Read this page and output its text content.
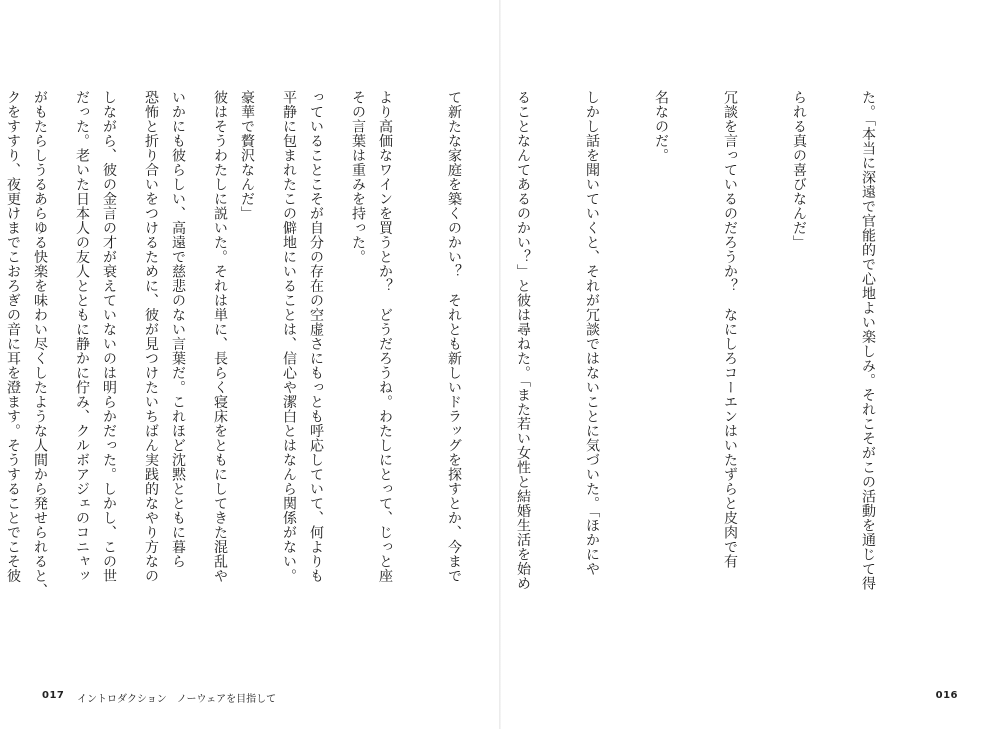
その言葉は重みを持った。

平静に包まれたこの僻地にいることは、信心や潔白とはなんら関係がない。

彼はそうわたしに説いた。それは単に、長らく寝床をともにしてきた混乱や

恐怖と折り合いをつけるために、彼が見つけたいちばん実践的なやり方なの

だった。老いた日本人の友人とともに静かに佇み、クルボアジェのコニャッ

クをすすり、夜更けまでこおろぎの音に耳を澄ます。そうすることでこそ彼

017 イントロダクション　ノーウェアを目指して

た。「本当に深遠で官能的で心地よい楽しみ。それこそがこの活動を通じて得

られる真の喜びなんだ」

冗談を言っているのだろうか？　なにしろコーエンはいたずらと皮肉で有

名なのだ。

しかし話を聞いていくと、それが冗談ではないことに気づいた。「ほかにや

ることなんてあるのかい？」と彼は尋ねた。「また若い女性と結婚生活を始め

て新たな家庭を築くのかい？　それとも新しいドラッグを探すとか、今まで

より高価なワインを買うとか？　どうだろうね。わたしにとって、じっと座

っていることこそが自分の存在の空虚さにもっとも呼応していて、何よりも

豪華で贅沢なんだ」

いかにも彼らしい、高遠で慈悲のない言葉だ。これほど沈黙とともに暮ら

しながら、彼の金言の才が衰えていないのは明らかだった。しかし、この世

がもたらしうるあらゆる快楽を味わい尽くしたような人間から発せられると、

016
